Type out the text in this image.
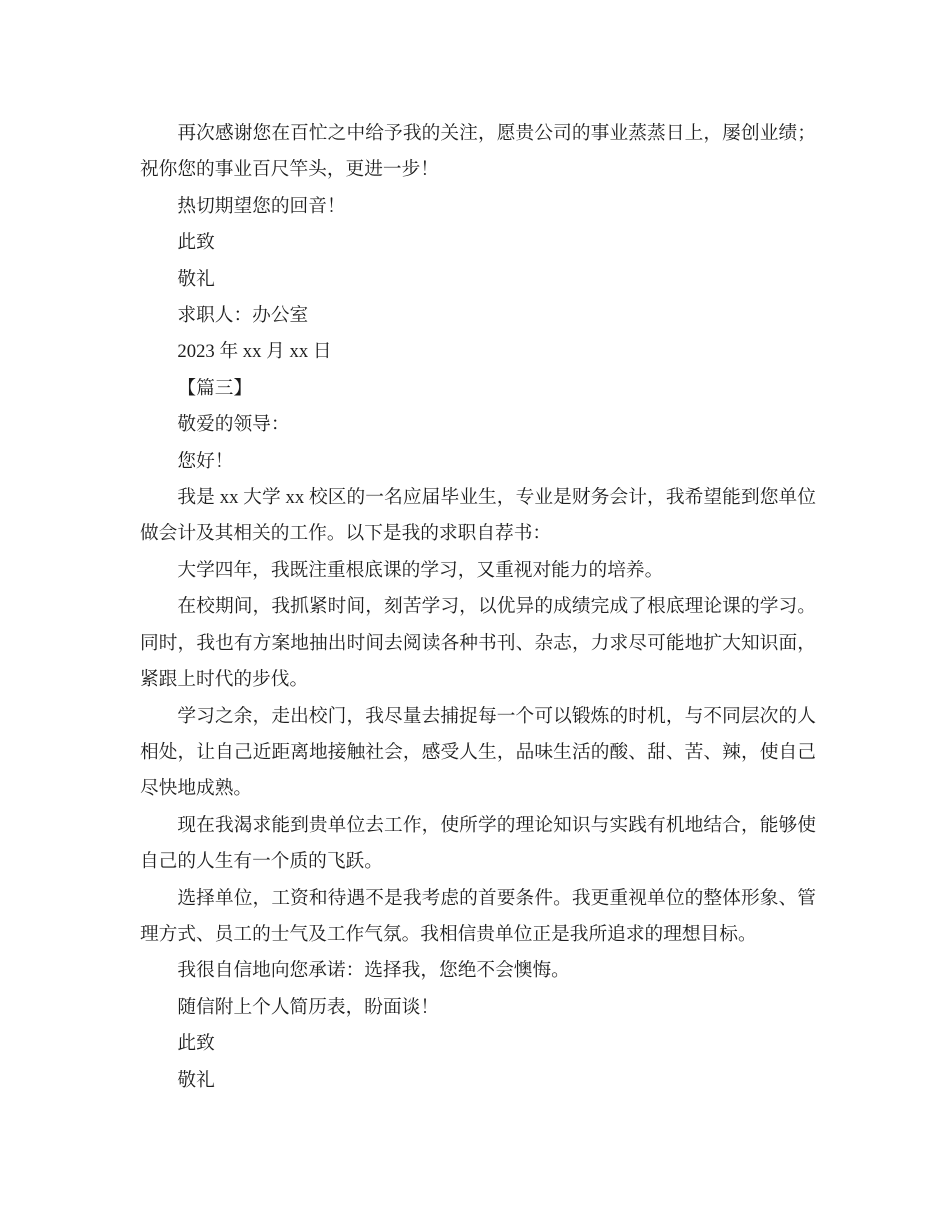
再次感谢您在百忙之中给予我的关注，愿贵公司的事业蒸蒸日上，屡创业绩；祝你您的事业百尺竿头，更进一步！

热切期望您的回音！

此致

敬礼

求职人：办公室

2023 年 xx 月 xx 日

【篇三】

敬爱的领导：

您好！

我是 xx 大学 xx 校区的一名应届毕业生，专业是财务会计，我希望能到您单位做会计及其相关的工作。以下是我的求职自荐书：

大学四年，我既注重根底课的学习，又重视对能力的培养。

在校期间，我抓紧时间，刻苦学习，以优异的成绩完成了根底理论课的学习。同时，我也有方案地抽出时间去阅读各种书刊、杂志，力求尽可能地扩大知识面，紧跟上时代的步伐。

学习之余，走出校门，我尽量去捕捉每一个可以锻炼的时机，与不同层次的人相处，让自己近距离地接触社会，感受人生，品味生活的酸、甜、苦、辣，使自己尽快地成熟。

现在我渴求能到贵单位去工作，使所学的理论知识与实践有机地结合，能够使自己的人生有一个质的飞跃。

选择单位，工资和待遇不是我考虑的首要条件。我更重视单位的整体形象、管理方式、员工的士气及工作气氛。我相信贵单位正是我所追求的理想目标。

我很自信地向您承诺：选择我，您绝不会懊悔。

随信附上个人简历表，盼面谈！

此致

敬礼
